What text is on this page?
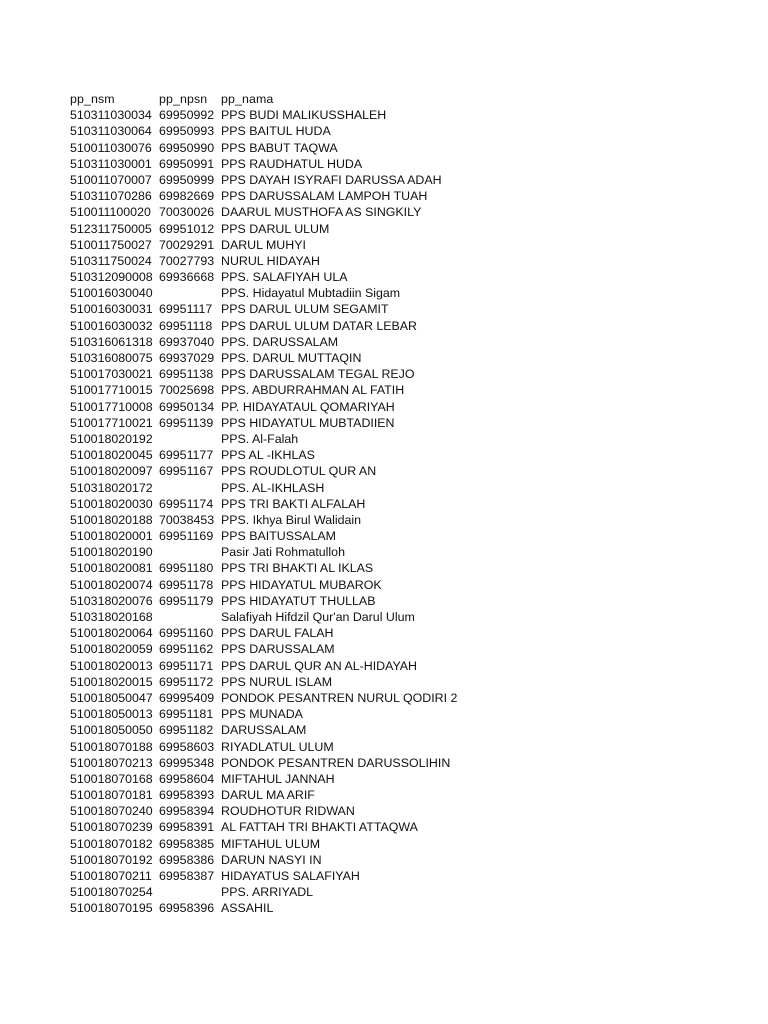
pp_nsm	pp_npsn	pp_nama
510311030034 69950992 PPS BUDI MALIKUSSHALEH
510311030064 69950993 PPS BAITUL HUDA
510011030076 69950990 PPS BABUT TAQWA
510311030001 69950991 PPS RAUDHATUL HUDA
510011070007 69950999 PPS DAYAH ISYRAFI DARUSSA ADAH
510311070286 69982669 PPS DARUSSALAM LAMPOH TUAH
510011100020 70030026 DAARUL MUSTHOFA AS SINGKILY
512311750005 69951012 PPS DARUL ULUM
510011750027 70029291 DARUL MUHYI
510311750024 70027793 NURUL HIDAYAH
510312090008 69936668 PPS. SALAFIYAH ULA
510016030040	PPS. Hidayatul Mubtadiin Sigam
510016030031 69951117 PPS DARUL ULUM SEGAMIT
510016030032 69951118 PPS DARUL ULUM DATAR LEBAR
510316061318 69937040 PPS. DARUSSALAM
510316080075 69937029 PPS. DARUL MUTTAQIN
510017030021 69951138 PPS DARUSSALAM TEGAL REJO
510017710015 70025698 PPS. ABDURRAHMAN AL FATIH
510017710008 69950134 PP. HIDAYATAUL QOMARIYAH
510017710021 69951139 PPS HIDAYATUL MUBTADIIEN
510018020192	PPS. Al-Falah
510018020045 69951177 PPS AL -IKHLAS
510018020097 69951167 PPS ROUDLOTUL QUR AN
510318020172	PPS. AL-IKHLASH
510018020030 69951174 PPS TRI BAKTI ALFALAH
510018020188 70038453 PPS. Ikhya Birul Walidain
510018020001 69951169 PPS BAITUSSALAM
510018020190	Pasir Jati Rohmatulloh
510018020081 69951180 PPS TRI BHAKTI AL IKLAS
510018020074 69951178 PPS HIDAYATUL MUBAROK
510318020076 69951179 PPS HIDAYATUT THULLAB
510318020168	Salafiyah Hifdzil Qur'an Darul Ulum
510018020064 69951160 PPS DARUL FALAH
510018020059 69951162 PPS DARUSSALAM
510018020013 69951171 PPS DARUL QUR AN AL-HIDAYAH
510018020015 69951172 PPS NURUL ISLAM
510018050047 69995409 PONDOK PESANTREN NURUL QODIRI 2
510018050013 69951181 PPS MUNADA
510018050050 69951182 DARUSSALAM
510018070188 69958603 RIYADLATUL ULUM
510018070213 69995348 PONDOK PESANTREN DARUSSOLIHIN
510018070168 69958604 MIFTAHUL JANNAH
510018070181 69958393 DARUL MA ARIF
510018070240 69958394 ROUDHOTUR RIDWAN
510018070239 69958391 AL FATTAH TRI BHAKTI ATTAQWA
510018070182 69958385 MIFTAHUL ULUM
510018070192 69958386 DARUN NASYI IN
510018070211 69958387 HIDAYATUS SALAFIYAH
510018070254	PPS. ARRIYADL
510018070195 69958396 ASSAHIL
